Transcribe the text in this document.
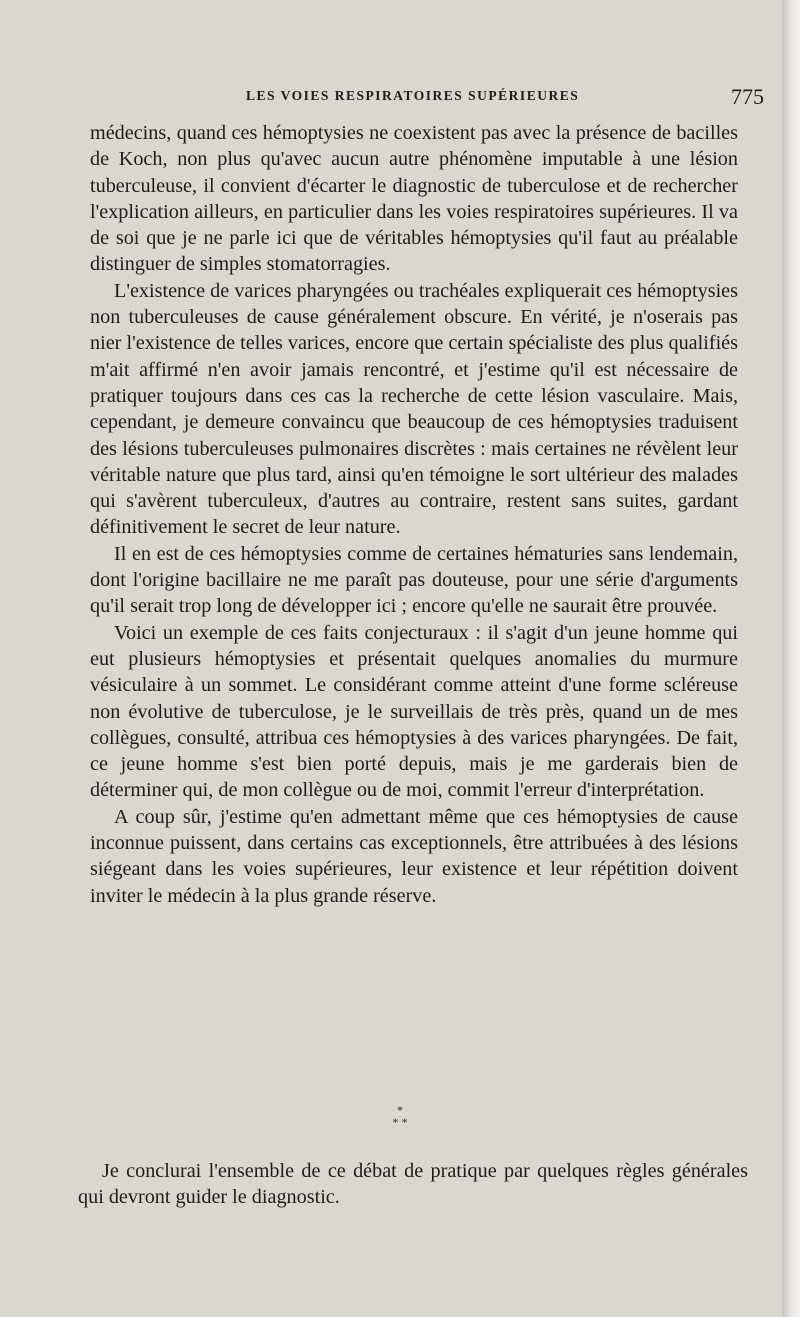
LES VOIES RESPIRATOIRES SUPÉRIEURES	775

médecins, quand ces hémoptysies ne coexistent pas avec la présence de bacilles de Koch, non plus qu'avec aucun autre phénomène imputable à une lésion tuberculeuse, il convient d'écarter le diagnostic de tuberculose et de rechercher l'explication ailleurs, en particulier dans les voies respiratoires supérieures. Il va de soi que je ne parle ici que de véritables hémoptysies qu'il faut au préalable distinguer de simples stomatorragies.

L'existence de varices pharyngées ou trachéales expliquerait ces hémoptysies non tuberculeuses de cause généralement obscure. En vérité, je n'oserais pas nier l'existence de telles varices, encore que certain spécialiste des plus qualifiés m'ait affirmé n'en avoir jamais rencontré, et j'estime qu'il est nécessaire de pratiquer toujours dans ces cas la recherche de cette lésion vasculaire. Mais, cependant, je demeure convaincu que beaucoup de ces hémoptysies traduisent des lésions tuberculeuses pulmonaires discrètes : mais certaines ne révèlent leur véritable nature que plus tard, ainsi qu'en témoigne le sort ultérieur des malades qui s'avèrent tuberculeux, d'autres au contraire, restent sans suites, gardant définitivement le secret de leur nature.

Il en est de ces hémoptysies comme de certaines hématuries sans lendemain, dont l'origine bacillaire ne me paraît pas douteuse, pour une série d'arguments qu'il serait trop long de développer ici ; encore qu'elle ne saurait être prouvée.

Voici un exemple de ces faits conjecturaux : il s'agit d'un jeune homme qui eut plusieurs hémoptysies et présentait quelques anomalies du murmure vésiculaire à un sommet. Le considérant comme atteint d'une forme scléreuse non évolutive de tuberculose, je le surveillais de très près, quand un de mes collègues, consulté, attribua ces hémoptysies à des varices pharyngées. De fait, ce jeune homme s'est bien porté depuis, mais je me garderais bien de déterminer qui, de mon collègue ou de moi, commit l'erreur d'interprétation.

A coup sûr, j'estime qu'en admettant même que ces hémoptysies de cause inconnue puissent, dans certains cas exceptionnels, être attribuées à des lésions siégeant dans les voies supérieures, leur existence et leur répétition doivent inviter le médecin à la plus grande réserve.

*
* *

Je conclurai l'ensemble de ce débat de pratique par quelques règles générales qui devront guider le diagnostic.
